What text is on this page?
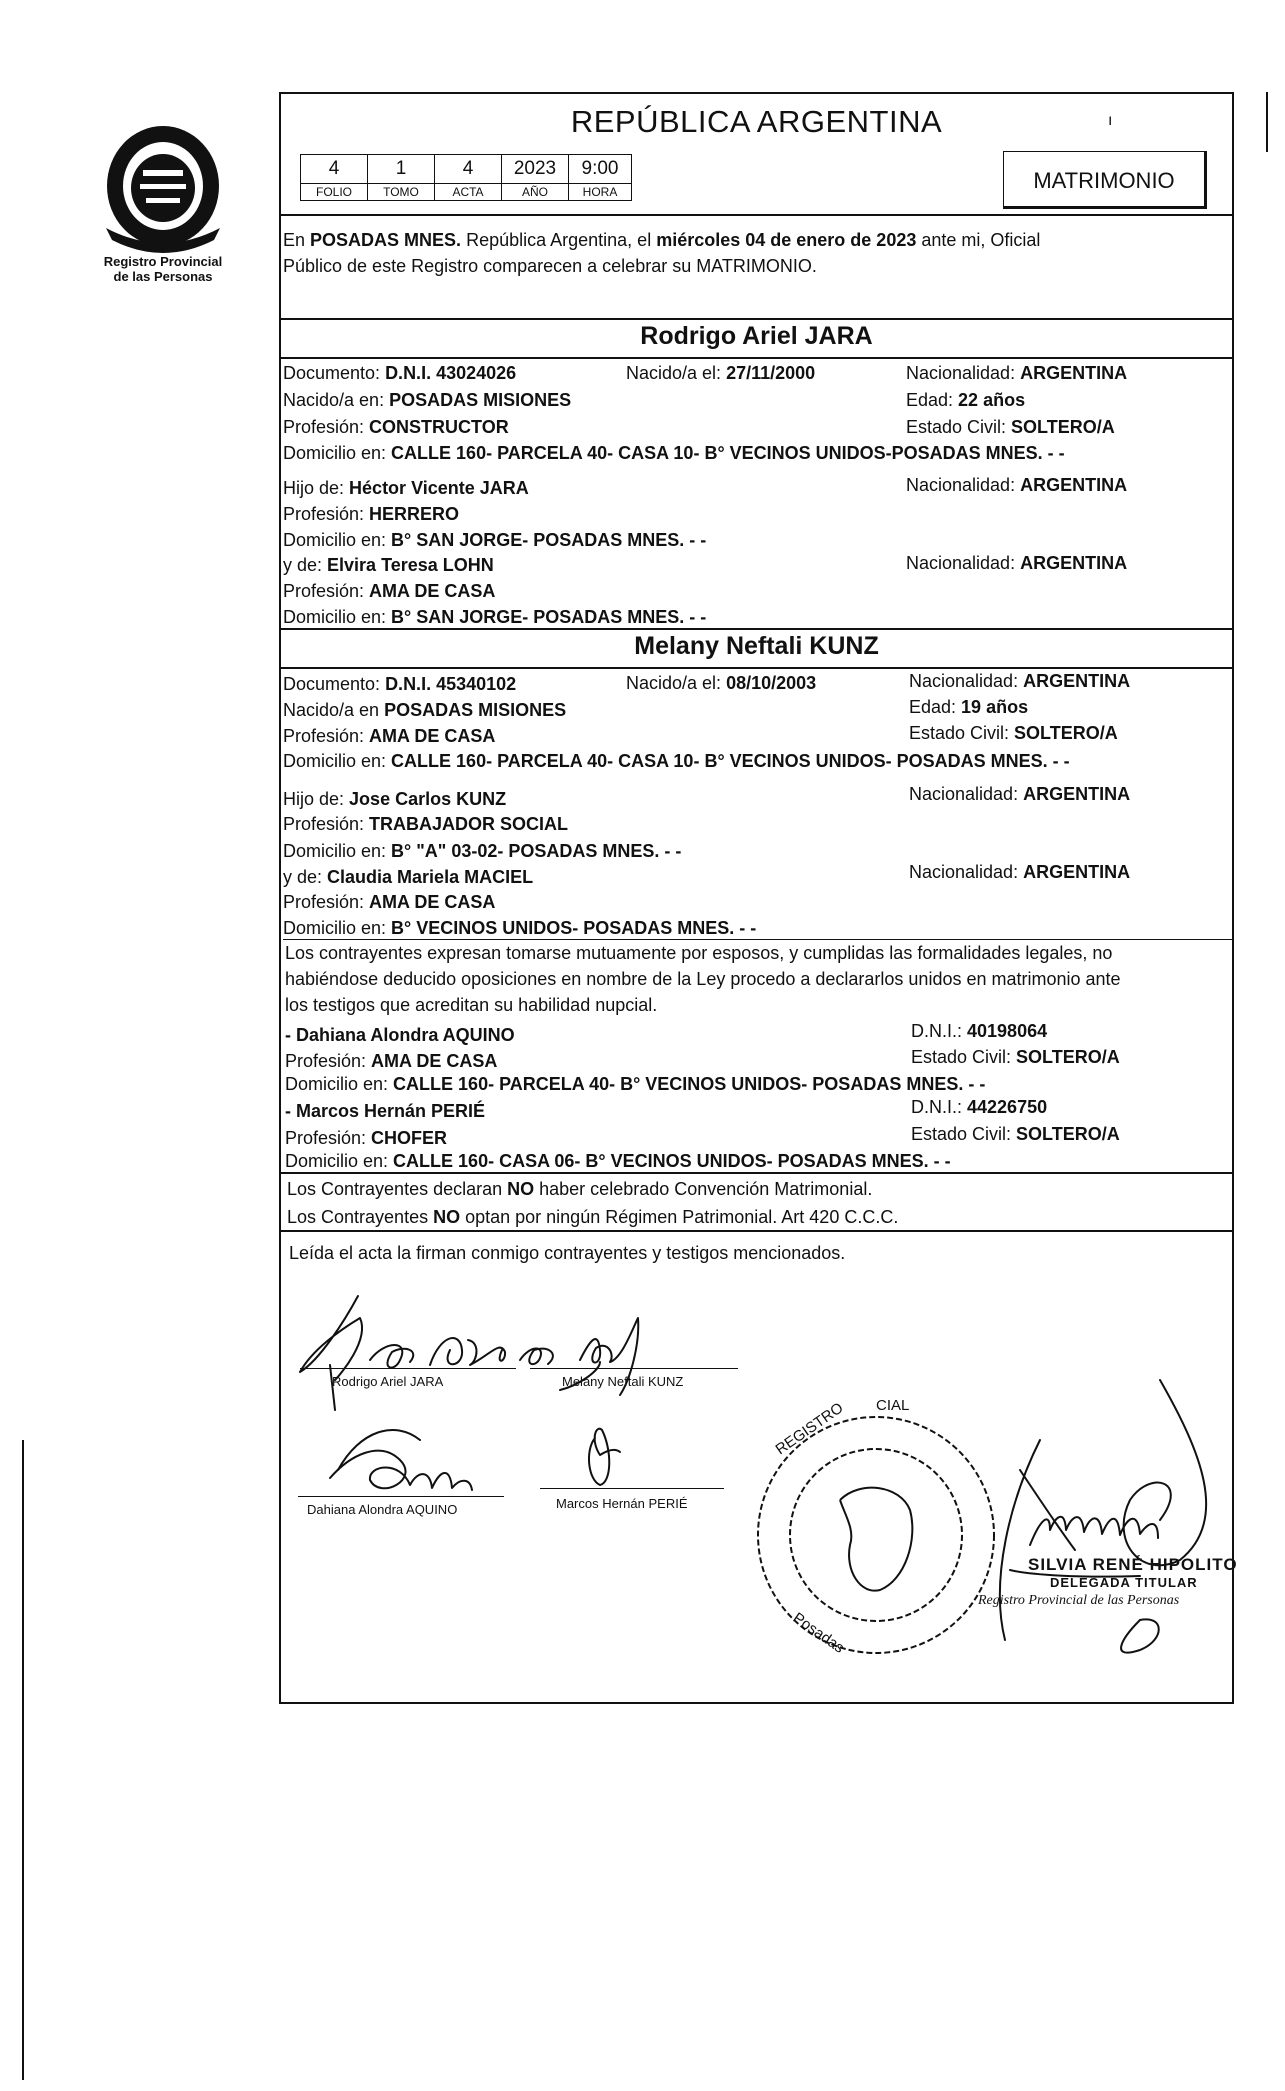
Registro Provincial
de las Personas
REPÚBLICA ARGENTINA	ı
4	1	4	2023	9:00
FOLIO	TOMO	ACTA	AÑO	HORA	MATRIMONIO
En POSADAS MNES. República Argentina, el miércoles 04 de enero de 2023 ante mi, Oficial
Público de este Registro comparecen a celebrar su MATRIMONIO.
Rodrigo Ariel JARA
Documento: D.N.I. 43024026	Nacido/a el: 27/11/2000	Nacionalidad: ARGENTINA
Nacido/a en: POSADAS MISIONES	Edad: 22 años
Profesión: CONSTRUCTOR	Estado Civil: SOLTERO/A
Domicilio en: CALLE 160- PARCELA 40- CASA 10- B° VECINOS UNIDOS-POSADAS MNES. - -
Hijo de: Héctor Vicente JARA	Nacionalidad: ARGENTINA
Profesión: HERRERO
Domicilio en: B° SAN JORGE- POSADAS MNES. - -
y de: Elvira Teresa LOHN	Nacionalidad: ARGENTINA
Profesión: AMA DE CASA
Domicilio en: B° SAN JORGE- POSADAS MNES. - -
Melany Neftali KUNZ
Documento: D.N.I. 45340102	Nacido/a el: 08/10/2003	Nacionalidad: ARGENTINA
Nacido/a en POSADAS MISIONES	Edad: 19 años
Profesión: AMA DE CASA	Estado Civil: SOLTERO/A
Domicilio en: CALLE 160- PARCELA 40- CASA 10- B° VECINOS UNIDOS- POSADAS MNES. - -
Hijo de: Jose Carlos KUNZ	Nacionalidad: ARGENTINA
Profesión: TRABAJADOR SOCIAL
Domicilio en: B° "A" 03-02- POSADAS MNES. - -
y de: Claudia Mariela MACIEL	Nacionalidad: ARGENTINA
Profesión: AMA DE CASA
Domicilio en: B° VECINOS UNIDOS- POSADAS MNES. - -
Los contrayentes expresan tomarse mutuamente por esposos, y cumplidas las formalidades legales, no
habiéndose deducido oposiciones en nombre de la Ley procedo a declararlos unidos en matrimonio ante
los testigos que acreditan su habilidad nupcial.
- Dahiana Alondra AQUINO	D.N.I.: 40198064
Profesión: AMA DE CASA	Estado Civil: SOLTERO/A
Domicilio en: CALLE 160- PARCELA 40- B° VECINOS UNIDOS- POSADAS MNES. - -
- Marcos Hernán PERIÉ	D.N.I.: 44226750
Profesión: CHOFER	Estado Civil: SOLTERO/A
Domicilio en: CALLE 160- CASA 06- B° VECINOS UNIDOS- POSADAS MNES. - -
Los Contrayentes declaran NO haber celebrado Convención Matrimonial.
Los Contrayentes NO optan por ningún Régimen Patrimonial. Art 420 C.C.C.
Leída el acta la firman conmigo contrayentes y testigos mencionados.
Rodrigo Ariel JARA	Melany Neftali KUNZ
Dahiana Alondra AQUINO	Marcos Hernán PERIÉ
SILVIA RENÉ HIPOLITO
DELEGADA TITULAR
Registro Provincial de las Personas
REGISTRO CIAL
Posadas
